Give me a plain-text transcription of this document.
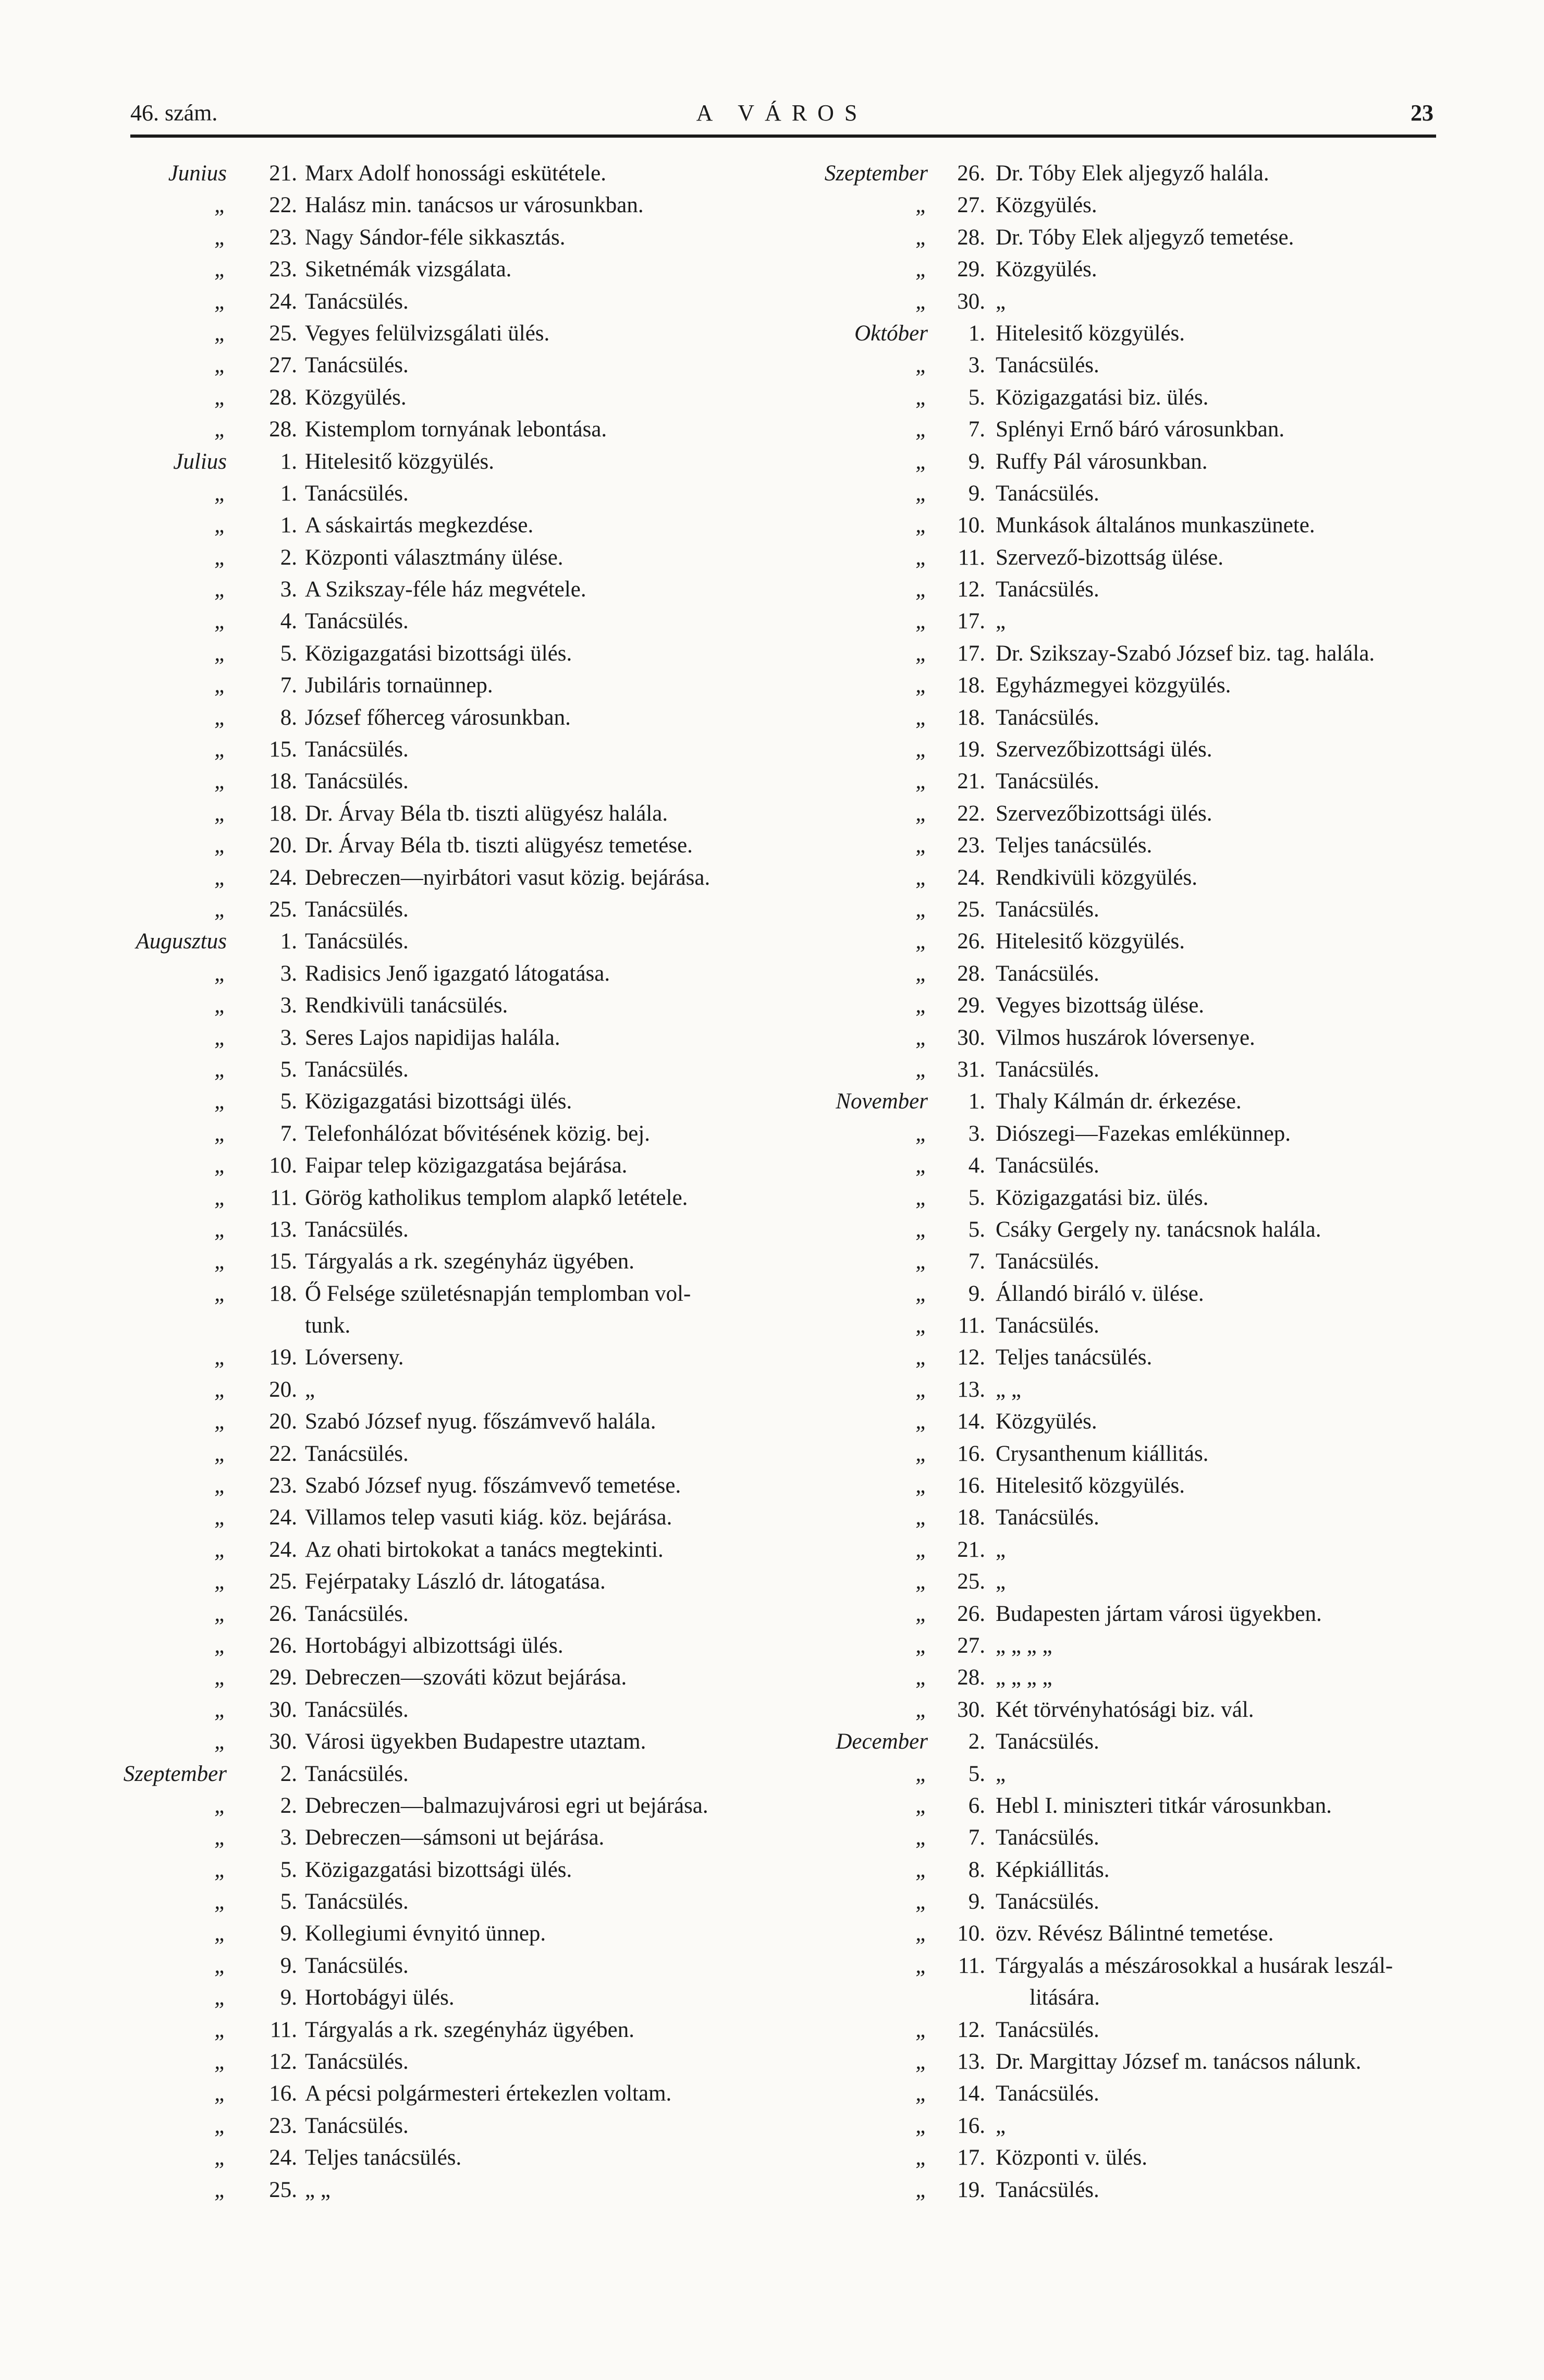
46. szám.	A VÁROS	23
Junius	21. Marx Adolf honossági eskütétele.
„	22. Halász min. tanácsos ur városunkban.
„	23. Nagy Sándor-féle sikkasztás.
„	23. Siketnémák vizsgálata.
„	24. Tanácsülés.
„	25. Vegyes felülvizsgálati ülés.
„	27. Tanácsülés.
„	28. Közgyülés.
„	28. Kistemplom tornyának lebontása.
Julius	1. Hitelesitő közgyülés.
„	1. Tanácsülés.
„	1. A sáskairtás megkezdése.
„	2. Központi választmány ülése.
„	3. A Szikszay-féle ház megvétele.
„	4. Tanácsülés.
„	5. Közigazgatási bizottsági ülés.
„	7. Jubiláris tornaünnep.
„	8. József főherceg városunkban.
„	15. Tanácsülés.
„	18. Tanácsülés.
„	18. Dr. Árvay Béla tb. tiszti alügyész halála.
„	20. Dr. Árvay Béla tb. tiszti alügyész temetése.
„	24. Debreczen—nyirbátori vasut közig. bejárása.
„	25. Tanácsülés.
Augusztus	1. Tanácsülés.
„	3. Radisics Jenő igazgató látogatása.
„	3. Rendkivüli tanácsülés.
„	3. Seres Lajos napidijas halála.
„	5. Tanácsülés.
„	5. Közigazgatási bizottsági ülés.
„	7. Telefonhálózat bővitésének közig. bej.
„	10. Faipar telep közigazgatása bejárása.
„	11. Görög katholikus templom alapkő letétele.
„	13. Tanácsülés.
„	15. Tárgyalás a rk. szegényház ügyében.
„	18. Ő Felsége születésnapján templomban vol-
tunk.
„	19. Lóverseny.
„	20. „
„	20. Szabó József nyug. főszámvevő halála.
„	22. Tanácsülés.
„	23. Szabó József nyug. főszámvevő temetése.
„	24. Villamos telep vasuti kiág. köz. bejárása.
„	24. Az ohati birtokokat a tanács megtekinti.
„	25. Fejérpataky László dr. látogatása.
„	26. Tanácsülés.
„	26. Hortobágyi albizottsági ülés.
„	29. Debreczen—szováti közut bejárása.
„	30. Tanácsülés.
„	30. Városi ügyekben Budapestre utaztam.
Szeptember	2. Tanácsülés.
„	2. Debreczen—balmazujvárosi egri ut bejárása.
„	3. Debreczen—sámsoni ut bejárása.
„	5. Közigazgatási bizottsági ülés.
„	5. Tanácsülés.
„	9. Kollegiumi évnyitó ünnep.
„	9. Tanácsülés.
„	9. Hortobágyi ülés.
„	11. Tárgyalás a rk. szegényház ügyében.
„	12. Tanácsülés.
„	16. A pécsi polgármesteri értekezlen voltam.
„	23. Tanácsülés.
„	24. Teljes tanácsülés.
„	25. „ „
Szeptember	26. Dr. Tóby Elek aljegyző halála.
„	27. Közgyülés.
„	28. Dr. Tóby Elek aljegyző temetése.
„	29. Közgyülés.
„	30. „
Október	1. Hitelesitő közgyülés.
„	3. Tanácsülés.
„	5. Közigazgatási biz. ülés.
„	7. Splényi Ernő báró városunkban.
„	9. Ruffy Pál városunkban.
„	9. Tanácsülés.
„	10. Munkások általános munkaszünete.
„	11. Szervező-bizottság ülése.
„	12. Tanácsülés.
„	17. „
„	17. Dr. Szikszay-Szabó József biz. tag. halála.
„	18. Egyházmegyei közgyülés.
„	18. Tanácsülés.
„	19. Szervezőbizottsági ülés.
„	21. Tanácsülés.
„	22. Szervezőbizottsági ülés.
„	23. Teljes tanácsülés.
„	24. Rendkivüli közgyülés.
„	25. Tanácsülés.
„	26. Hitelesitő közgyülés.
„	28. Tanácsülés.
„	29. Vegyes bizottság ülése.
„	30. Vilmos huszárok lóversenye.
„	31. Tanácsülés.
November	1. Thaly Kálmán dr. érkezése.
„	3. Diószegi—Fazekas emlékünnep.
„	4. Tanácsülés.
„	5. Közigazgatási biz. ülés.
„	5. Csáky Gergely ny. tanácsnok halála.
„	7. Tanácsülés.
„	9. Állandó biráló v. ülése.
„	11. Tanácsülés.
„	12. Teljes tanácsülés.
„	13. „ „
„	14. Közgyülés.
„	16. Crysanthenum kiállitás.
„	16. Hitelesitő közgyülés.
„	18. Tanácsülés.
„	21. „
„	25. „
„	26. Budapesten jártam városi ügyekben.
„	27. „ „ „ „
„	28. „ „ „ „
„	30. Két törvényhatósági biz. vál.
December	2. Tanácsülés.
„	5. „
„	6. Hebl I. miniszteri titkár városunkban.
„	7. Tanácsülés.
„	8. Képkiállitás.
„	9. Tanácsülés.
„	10. özv. Révész Bálintné temetése.
„	11. Tárgyalás a mészárosokkal a husárak leszál-
litására.
„	12. Tanácsülés.
„	13. Dr. Margittay József m. tanácsos nálunk.
„	14. Tanácsülés.
„	16. „
„	17. Központi v. ülés.
„	19. Tanácsülés.
